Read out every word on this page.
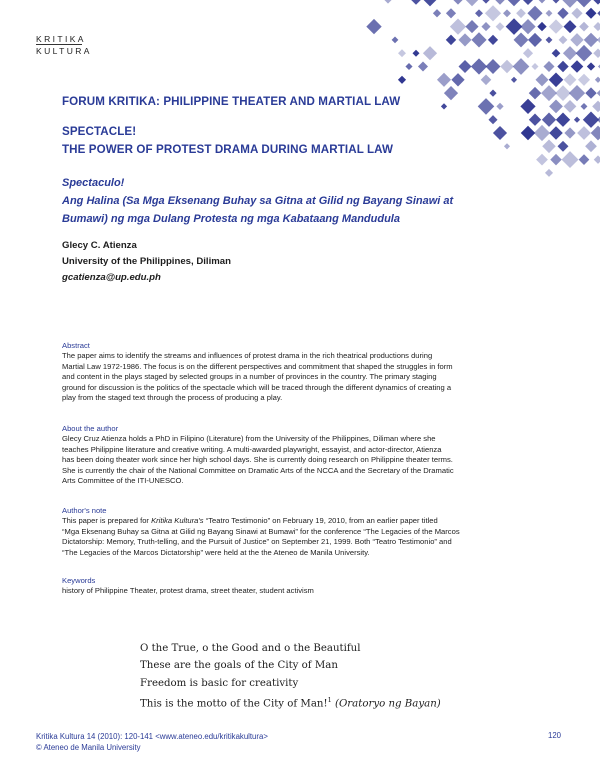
KRITIKA
KULTURA
FORUM KRITIKA: PHILIPPINE THEATER AND MARTIAL LAW
SPECTACLE!
THE POWER OF PROTEST DRAMA DURING MARTIAL LAW
Spectaculo!
Ang Halina (Sa Mga Eksenang Buhay sa Gitna at Gilid ng Bayang Sinawi at
Bumawi) ng mga Dulang Protesta ng mga Kabataang Mandudula
Glecy C. Atienza
University of the Philippines, Diliman
gcatienza@up.edu.ph
Abstract
The paper aims to identify the streams and influences of protest drama in the rich theatrical productions during
Martial Law 1972-1986. The focus is on the different perspectives and commitment that shaped the struggles in form
and content in the plays staged by selected groups in a number of provinces in the country. The primary staging
ground for discussion is the politics of the spectacle which will be traced through the different dynamics of creating a
play from the staged text through the process of producing a play.
About the author
Glecy Cruz Atienza holds a PhD in Filipino (Literature) from the University of the Philippines, Diliman where she
teaches Philippine literature and creative writing. A multi-awarded playwright, essayist, and actor-director, Atienza
has been doing theater work since her high school days. She is currently doing research on Philippine theater terms.
She is currently the chair of the National Committee on Dramatic Arts of the NCCA and the Secretary of the Dramatic
Arts Committee of the ITI-UNESCO.
Author's note
This paper is prepared for Kritika Kultura's “Teatro Testimonio” on February 19, 2010, from an earlier paper titled
“Mga Eksenang Buhay sa Gitna at Gilid ng Bayang Sinawi at Bumawi” for the conference “The Legacies of the Marcos
Dictatorship: Memory, Truth-telling, and the Pursuit of Justice” on September 21, 1999. Both “Teatro Testimonio” and
“The Legacies of the Marcos Dictatorship” were held at the the Ateneo de Manila University.
Keywords
history of Philippine Theater, protest drama, street theater, student activism
O the True, o the Good and o the Beautiful
These are the goals of the City of Man
Freedom is basic for creativity
This is the motto of the City of Man!$^1$ (Oratoryo ng Bayan)
Kritika Kultura 14 (2010): 120-141 <www.ateneo.edu/kritikakultura>
© Ateneo de Manila University
120
